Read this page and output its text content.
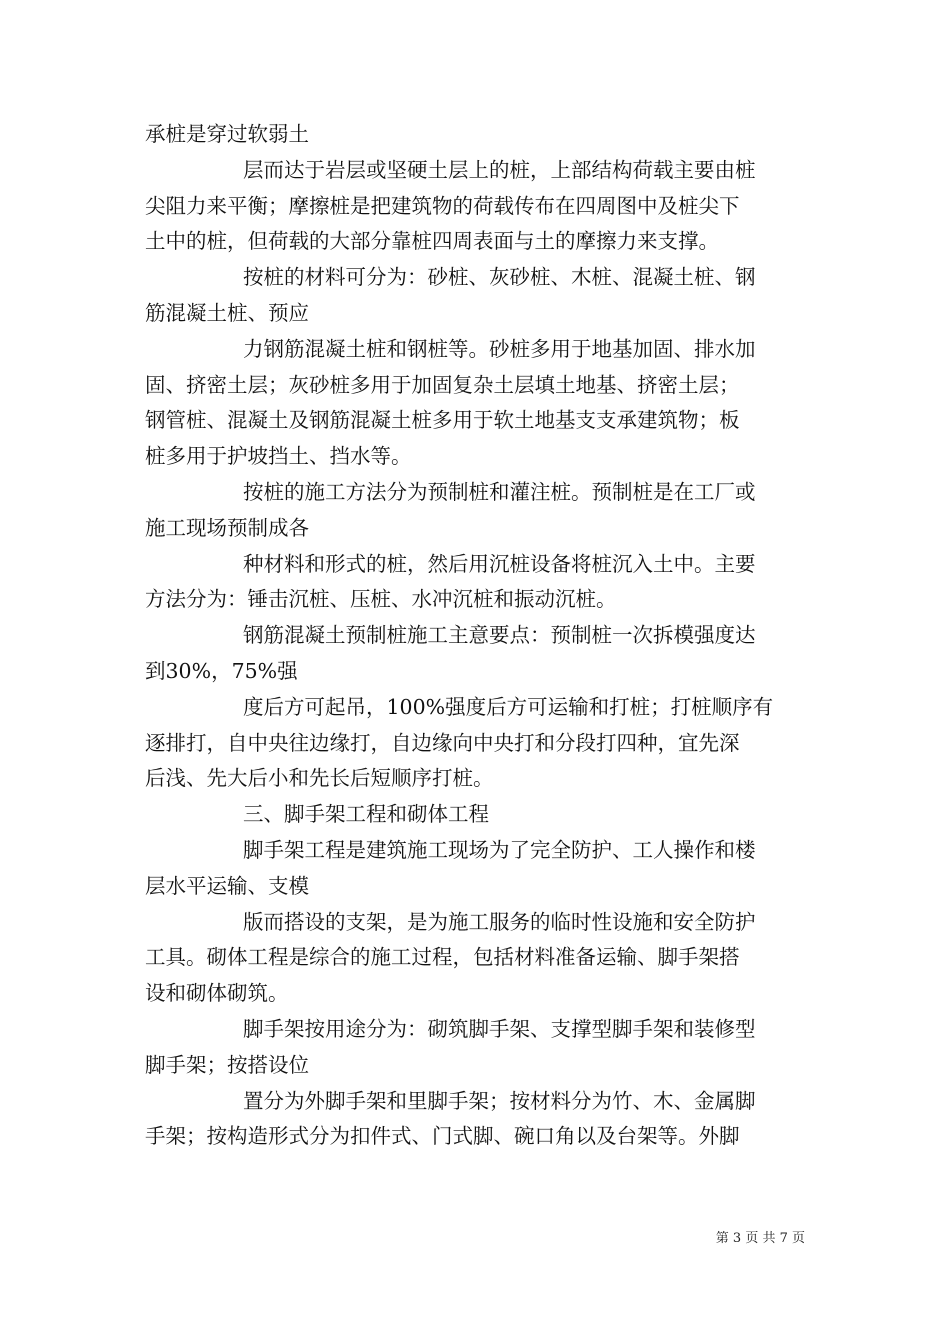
承桩是穿过软弱土
层而达于岩层或坚硬土层上的桩，上部结构荷载主要由桩
尖阻力来平衡；摩擦桩是把建筑物的荷载传布在四周图中及桩尖下
土中的桩，但荷载的大部分靠桩四周表面与土的摩擦力来支撑。
按桩的材料可分为：砂桩、灰砂桩、木桩、混凝土桩、钢
筋混凝土桩、预应
力钢筋混凝土桩和钢桩等。砂桩多用于地基加固、排水加
固、挤密土层；灰砂桩多用于加固复杂土层填土地基、挤密土层；
钢管桩、混凝土及钢筋混凝土桩多用于软土地基支支承建筑物；板
桩多用于护坡挡土、挡水等。
按桩的施工方法分为预制桩和灌注桩。预制桩是在工厂或
施工现场预制成各
种材料和形式的桩，然后用沉桩设备将桩沉入土中。主要
方法分为：锤击沉桩、压桩、水冲沉桩和振动沉桩。
钢筋混凝土预制桩施工主意要点：预制桩一次拆模强度达
到30%，75%强
度后方可起吊，100%强度后方可运输和打桩；打桩顺序有
逐排打，自中央往边缘打，自边缘向中央打和分段打四种，宜先深
后浅、先大后小和先长后短顺序打桩。
三、脚手架工程和砌体工程
脚手架工程是建筑施工现场为了完全防护、工人操作和楼
层水平运输、支模
版而搭设的支架，是为施工服务的临时性设施和安全防护
工具。砌体工程是综合的施工过程，包括材料准备运输、脚手架搭
设和砌体砌筑。
脚手架按用途分为：砌筑脚手架、支撑型脚手架和装修型
脚手架；按搭设位
置分为外脚手架和里脚手架；按材料分为竹、木、金属脚
手架；按构造形式分为扣件式、门式脚、碗口角以及台架等。外脚
第 3 页 共 7 页
